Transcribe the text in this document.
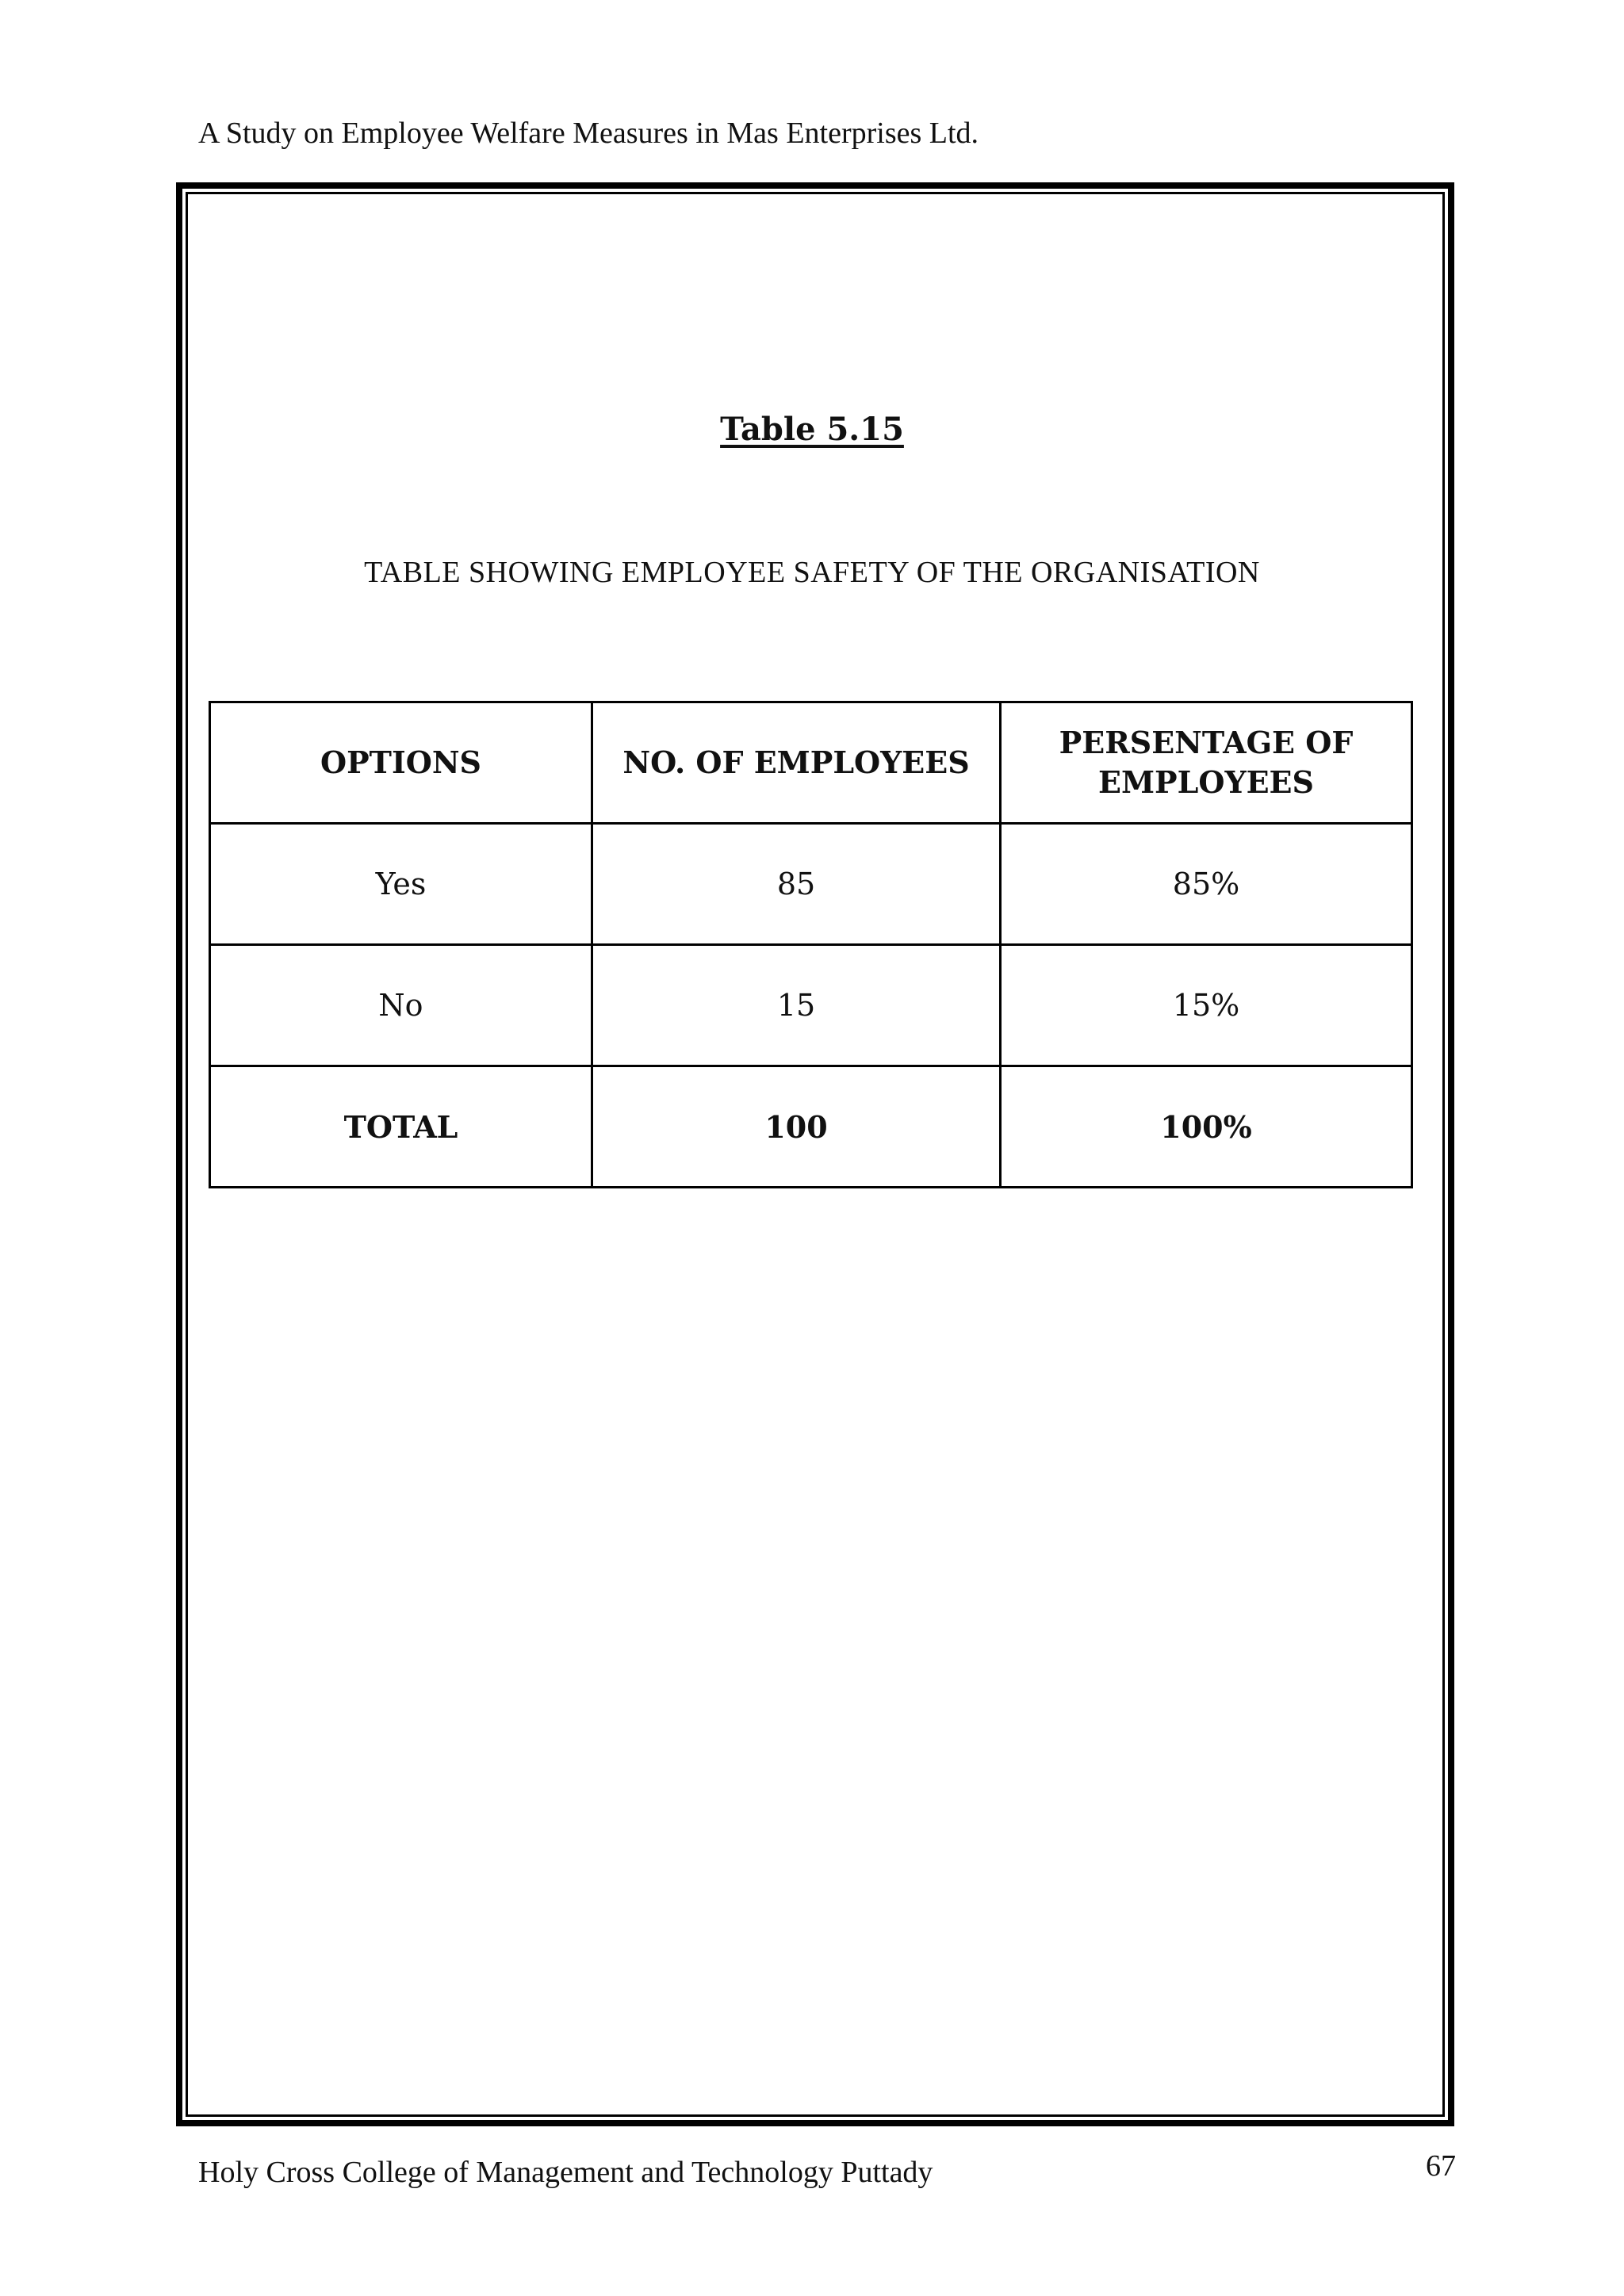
A Study on Employee Welfare Measures in Mas Enterprises Ltd.
Table 5.15
TABLE SHOWING EMPLOYEE SAFETY OF THE ORGANISATION
OPTIONS	NO. OF EMPLOYEES	PERSENTAGE OF EMPLOYEES
Yes	85	85%
No	15	15%
TOTAL	100	100%
Holy Cross College of Management and Technology Puttady	67
